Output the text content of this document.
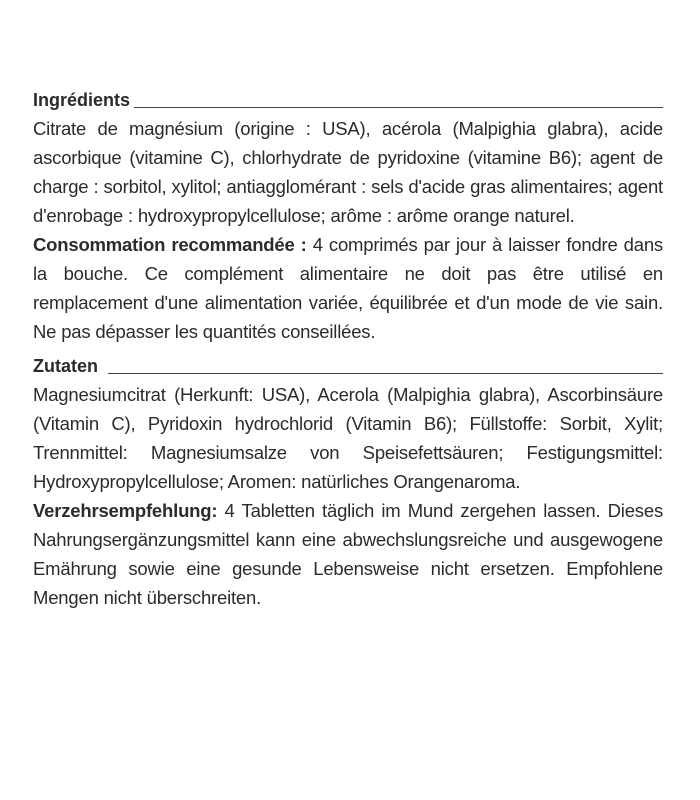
Ingrédients

Citrate de magnésium (origine : USA), acérola (Malpighia glabra), acide ascorbique (vitamine C), chlorhydrate de pyridoxine (vitamine B6); agent de charge : sorbitol, xylitol; antiagglomérant : sels d'acide gras alimentaires; agent d'enrobage : hydroxypropylcellulose; arôme : arôme orange naturel.

Consommation recommandée : 4 comprimés par jour à laisser fondre dans la bouche. Ce complément alimentaire ne doit pas être utilisé en remplacement d'une alimentation variée, équilibrée et d'un mode de vie sain. Ne pas dépasser les quantités conseillées.

Zutaten

Magnesiumcitrat (Herkunft: USA), Acerola (Malpighia glabra), Ascorbinsäure (Vitamin C), Pyridoxin hydrochlorid (Vitamin B6); Füllstoffe: Sorbit, Xylit; Trennmittel: Magnesiumsalze von Speisefettsäuren; Festigungsmittel: Hydroxypropylcellulose; Aromen: natürliches Orangenaroma.

Verzehrsempfehlung: 4 Tabletten täglich im Mund zergehen lassen. Dieses Nahrungsergänzungsmittel kann eine abwechslungsreiche und ausgewogene Emährung sowie eine gesunde Lebensweise nicht ersetzen. Empfohlene Mengen nicht überschreiten.
